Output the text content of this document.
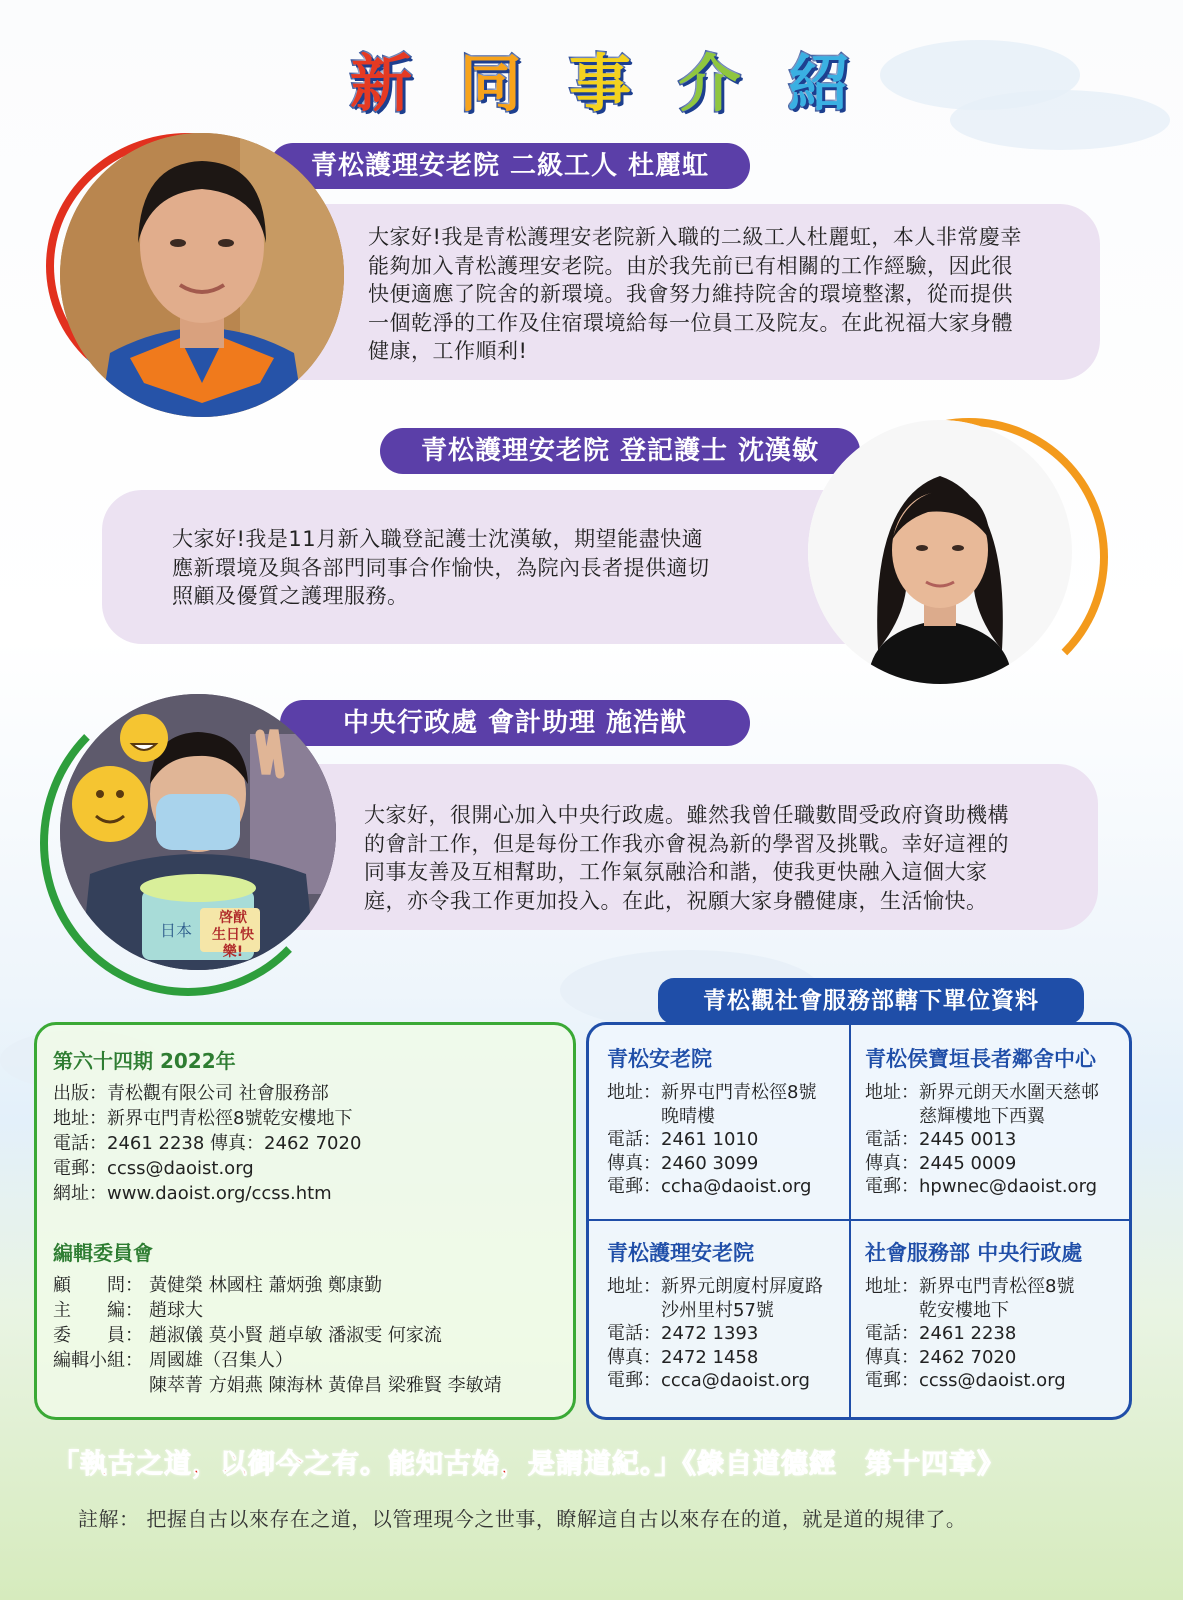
新 同 事 介 紹
青松護理安老院 二級工人 杜麗虹
大家好!我是青松護理安老院新入職的二級工人杜麗虹，本人非常慶幸
能夠加入青松護理安老院。由於我先前已有相關的工作經驗，因此很
快便適應了院舍的新環境。我會努力維持院舍的環境整潔，從而提供
一個乾淨的工作及住宿環境給每一位員工及院友。在此祝福大家身體
健康，工作順利!
青松護理安老院 登記護士 沈漢敏
大家好!我是11月新入職登記護士沈漢敏，期望能盡快適
應新環境及與各部門同事合作愉快，為院內長者提供適切
照顧及優質之護理服務。
中央行政處 會計助理 施浩猷
日本
啓猷
生日快樂!
大家好，很開心加入中央行政處。雖然我曾任職數間受政府資助機構
的會計工作，但是每份工作我亦會視為新的學習及挑戰。幸好這裡的
同事友善及互相幫助，工作氣氛融洽和諧，使我更快融入這個大家
庭，亦令我工作更加投入。在此，祝願大家身體健康，生活愉快。
第六十四期 2022年
出版：青松觀有限公司 社會服務部
地址：新界屯門青松徑8號乾安樓地下
電話：2461 2238 傳真：2462 7020
電郵：ccss@daoist.org
網址：www.daoist.org/ccss.htm
編輯委員會
顧　　問： 黃健榮 林國柱 蕭炳強 鄭康勤
主　　編： 趙球大
委　　員： 趙淑儀 莫小賢 趙卓敏 潘淑雯 何家流
編輯小組： 周國雄（召集人）
陳萃菁 方娟燕 陳海林 黃偉昌 梁雅賢 李敏靖
青松安老院
地址：新界屯門青松徑8號
　　　晚晴樓
電話：2461 1010
傳真：2460 3099
電郵：ccha@daoist.org
青松侯寶垣長者鄰舍中心
地址：新界元朗天水圍天慈邨
　　　慈輝樓地下西翼
電話：2445 0013
傳真：2445 0009
電郵：hpwnec@daoist.org
青松護理安老院
地址：新界元朗廈村屏廈路
　　　沙州里村57號
電話：2472 1393
傳真：2472 1458
電郵：ccca@daoist.org
社會服務部 中央行政處
地址：新界屯門青松徑8號
　　　乾安樓地下
電話：2461 2238
傳真：2462 7020
電郵：ccss@daoist.org
青松觀社會服務部轄下單位資料
「執古之道，以御今之有。能知古始，是謂道紀。」《錄自道德經　第十四章》
註解： 把握自古以來存在之道，以管理現今之世事，瞭解這自古以來存在的道，就是道的規律了。
